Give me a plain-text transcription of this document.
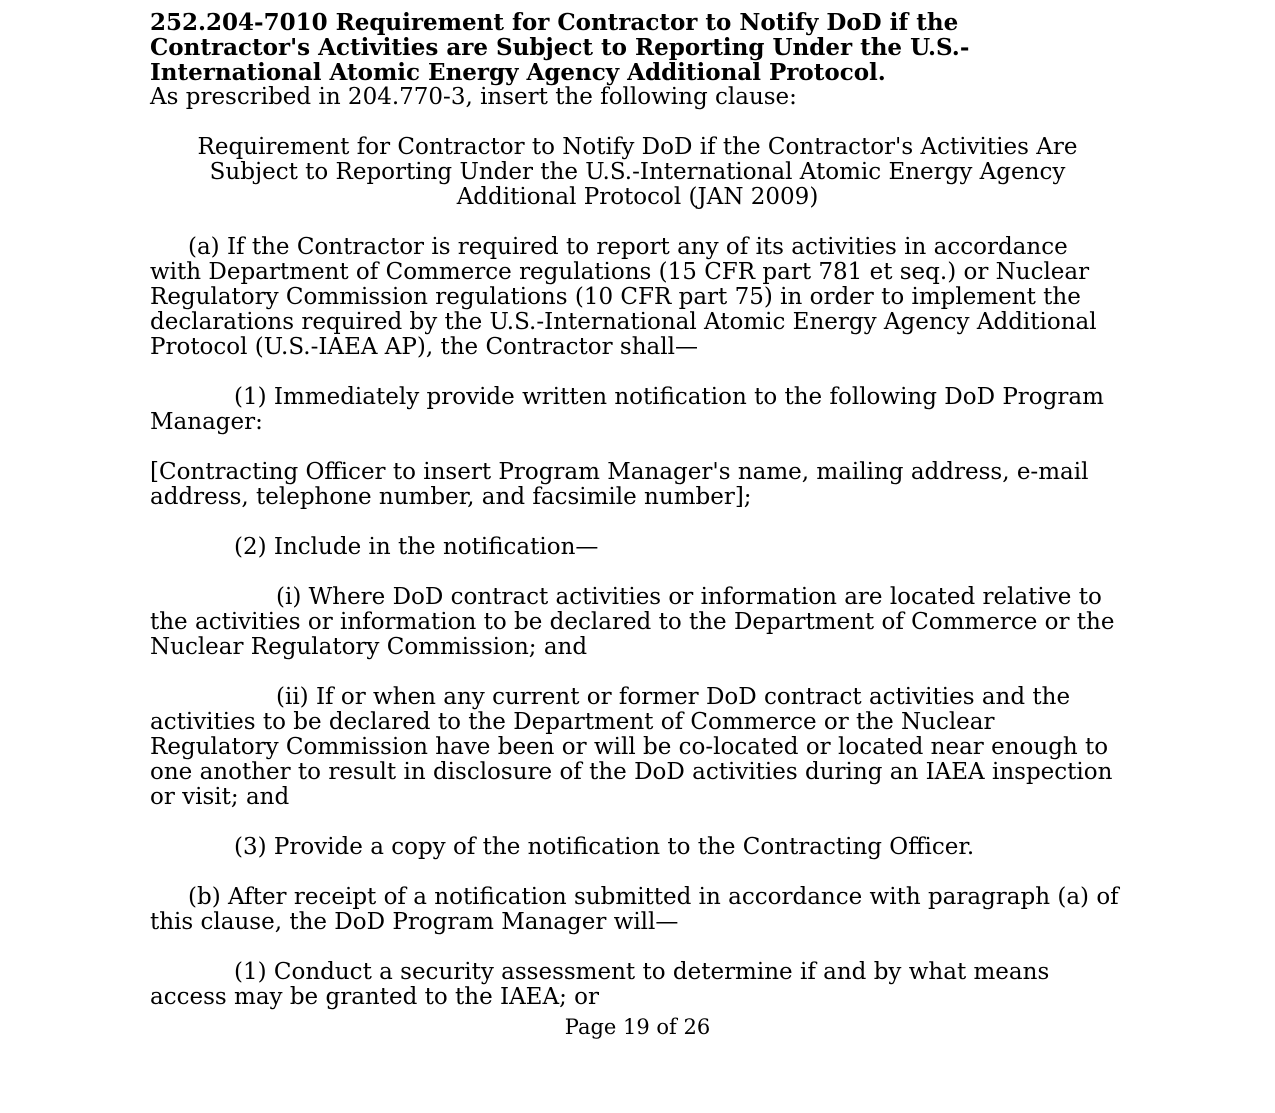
252.204-7010 Requirement for Contractor to Notify DoD if the Contractor's Activities are Subject to Reporting Under the U.S.-International Atomic Energy Agency Additional Protocol.

As prescribed in 204.770-3, insert the following clause:

Requirement for Contractor to Notify DoD if the Contractor's Activities Are Subject to Reporting Under the U.S.-International Atomic Energy Agency Additional Protocol (JAN 2009)

(a) If the Contractor is required to report any of its activities in accordance with Department of Commerce regulations (15 CFR part 781 et seq.) or Nuclear Regulatory Commission regulations (10 CFR part 75) in order to implement the declarations required by the U.S.-International Atomic Energy Agency Additional Protocol (U.S.-IAEA AP), the Contractor shall—

(1) Immediately provide written notification to the following DoD Program Manager:

[Contracting Officer to insert Program Manager's name, mailing address, e-mail address, telephone number, and facsimile number];

(2) Include in the notification—

(i) Where DoD contract activities or information are located relative to the activities or information to be declared to the Department of Commerce or the Nuclear Regulatory Commission; and

(ii) If or when any current or former DoD contract activities and the activities to be declared to the Department of Commerce or the Nuclear Regulatory Commission have been or will be co-located or located near enough to one another to result in disclosure of the DoD activities during an IAEA inspection or visit; and

(3) Provide a copy of the notification to the Contracting Officer.

(b) After receipt of a notification submitted in accordance with paragraph (a) of this clause, the DoD Program Manager will—

(1) Conduct a security assessment to determine if and by what means access may be granted to the IAEA; or

Page 19 of 26
